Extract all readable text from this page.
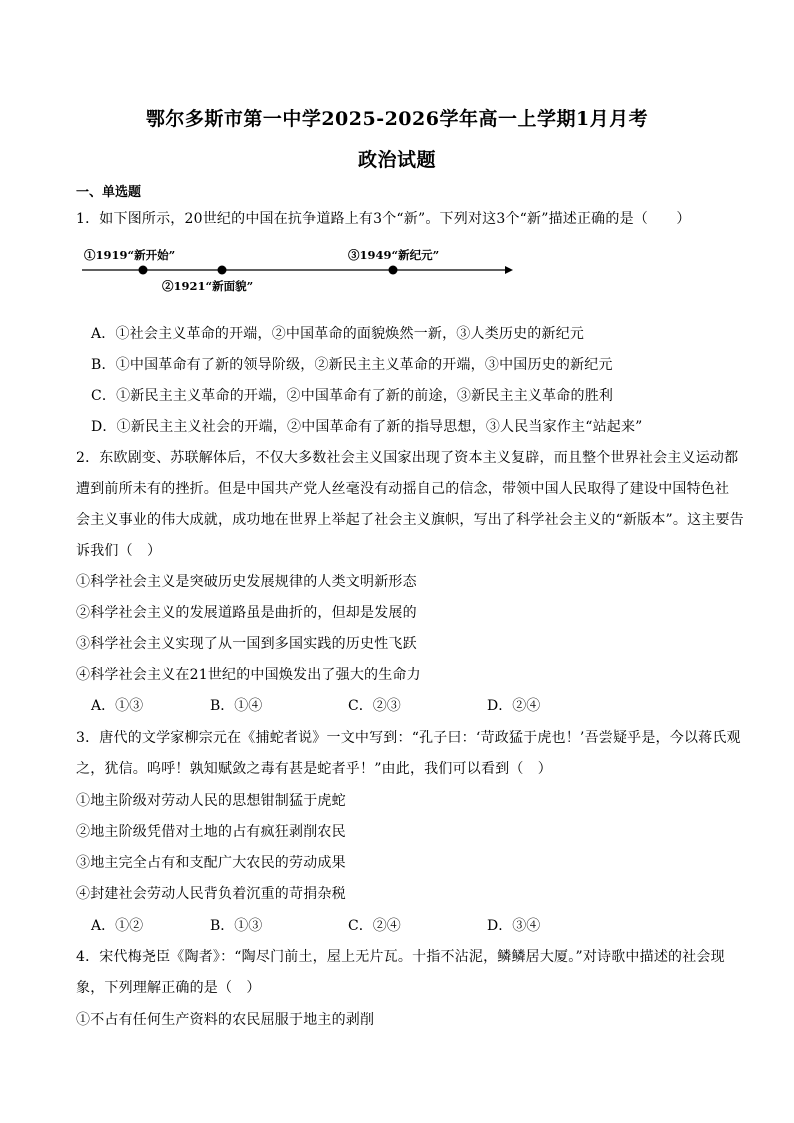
鄂尔多斯市第一中学2025-2026学年高一上学期1月月考
政治试题
一、单选题
1．如下图所示，20世纪的中国在抗争道路上有3个“新”。下列对这3个“新”描述正确的是（　　）
①1919“新开始”	③1949“新纪元”
②1921“新面貌”
A．①社会主义革命的开端，②中国革命的面貌焕然一新，③人类历史的新纪元
B．①中国革命有了新的领导阶级，②新民主主义革命的开端，③中国历史的新纪元
C．①新民主主义革命的开端，②中国革命有了新的前途，③新民主主义革命的胜利
D．①新民主主义社会的开端，②中国革命有了新的指导思想，③人民当家作主“站起来”
2．东欧剧变、苏联解体后，不仅大多数社会主义国家出现了资本主义复辟，而且整个世界社会主义运动都
遭到前所未有的挫折。但是中国共产党人丝毫没有动摇自己的信念，带领中国人民取得了建设中国特色社
会主义事业的伟大成就，成功地在世界上举起了社会主义旗帜，写出了科学社会主义的“新版本”。这主要告
诉我们（　）
①科学社会主义是突破历史发展规律的人类文明新形态
②科学社会主义的发展道路虽是曲折的，但却是发展的
③科学社会主义实现了从一国到多国实践的历史性飞跃
④科学社会主义在21世纪的中国焕发出了强大的生命力
A．①③	B．①④	C．②③	D．②④
3．唐代的文学家柳宗元在《捕蛇者说》一文中写到：“孔子曰：‘苛政猛于虎也！’吾尝疑乎是，今以蒋氏观
之，犹信。呜呼！孰知赋敛之毒有甚是蛇者乎！”由此，我们可以看到（　）
①地主阶级对劳动人民的思想钳制猛于虎蛇
②地主阶级凭借对土地的占有疯狂剥削农民
③地主完全占有和支配广大农民的劳动成果
④封建社会劳动人民背负着沉重的苛捐杂税
A．①②	B．①③	C．②④	D．③④
4．宋代梅尧臣《陶者》：“陶尽门前土，屋上无片瓦。十指不沾泥，鳞鳞居大厦。”对诗歌中描述的社会现
象，下列理解正确的是（　）
①不占有任何生产资料的农民屈服于地主的剥削
